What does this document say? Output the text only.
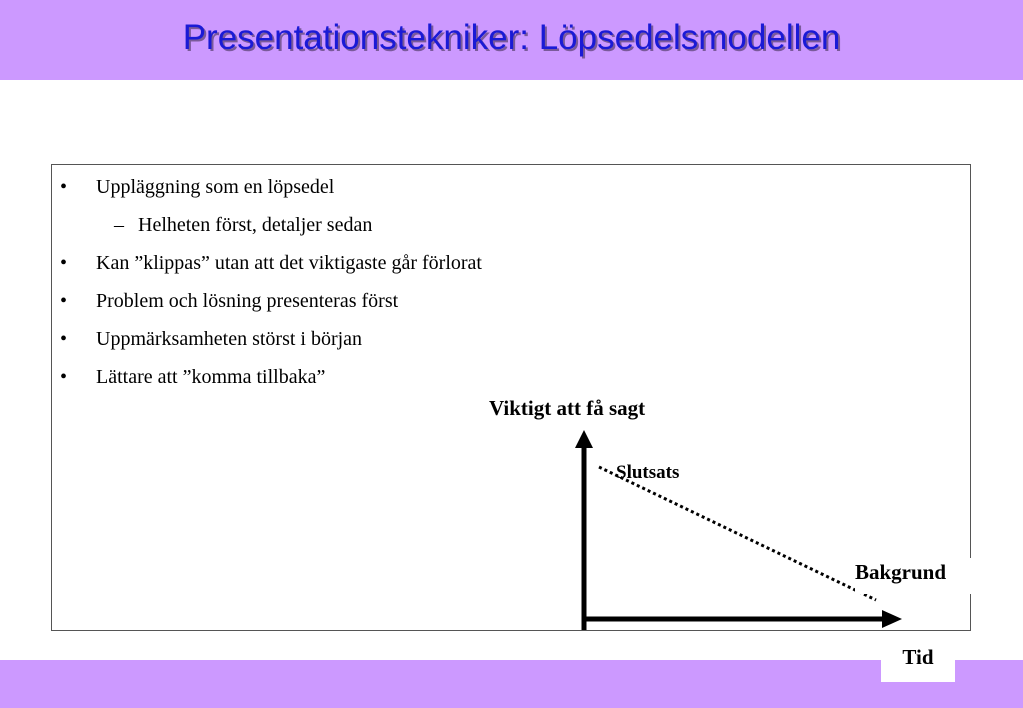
Presentationstekniker: Löpsedelsmodellen
• Uppläggning som en löpsedel
– Helheten först, detaljer sedan
• Kan ”klippas” utan att det viktigaste går förlorat
• Problem och lösning presenteras först
• Uppmärksamheten störst i början
• Lättare att ”komma tillbaka”
Viktigt att få sagt
Slutsats
Bakgrund
Tid
